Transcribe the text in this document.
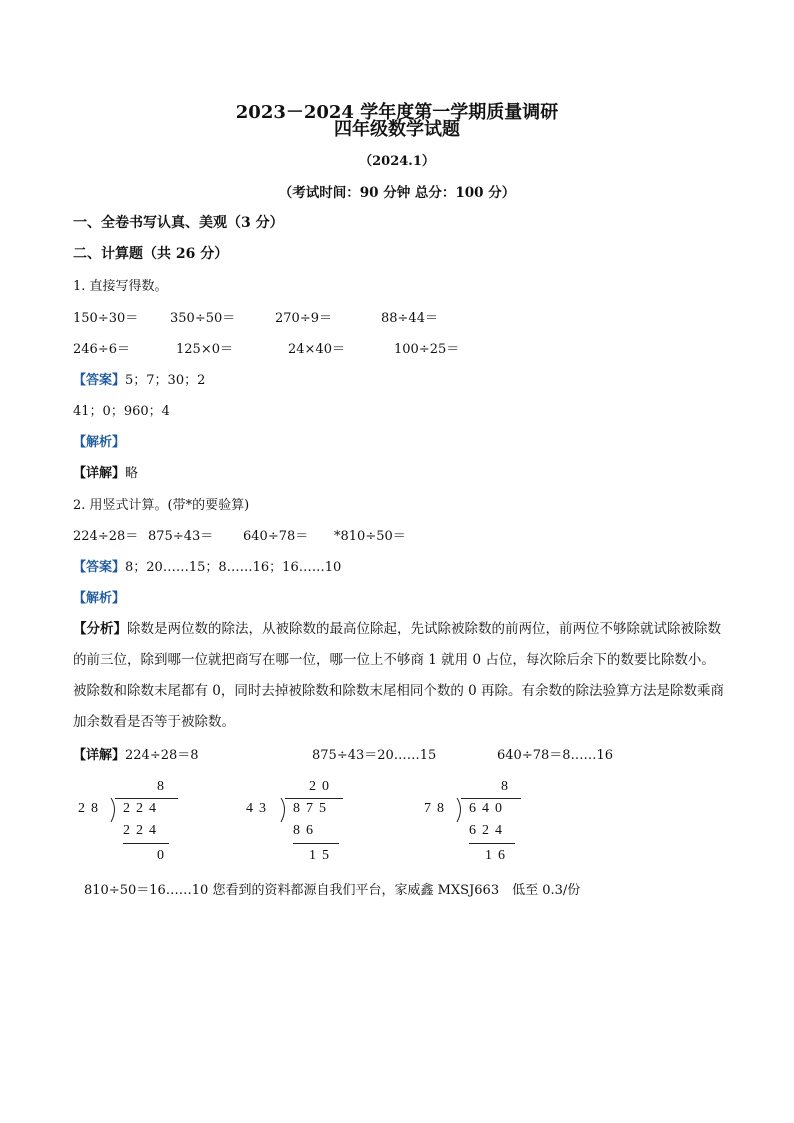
2023－2024 学年度第一学期质量调研
四年级数学试题
（2024.1）
（考试时间：90 分钟 总分：100 分）
一、全卷书写认真、美观（3 分）
二、计算题（共 26 分）
1. 直接写得数。
150÷30＝ 350÷50＝	270÷9＝	88÷44＝
246÷6＝	125×0＝	24×40＝	100÷25＝
【答案】5；7；30；2
41；0；960；4
【解析】
【详解】略
2. 用竖式计算。(带*的要验算)
224÷28＝ 875÷43＝ 640÷78＝ *810÷50＝
【答案】8；20……15；8……16；16……10
【解析】
【分析】除数是两位数的除法，从被除数的最高位除起，先试除被除数的前两位，前两位不够除就试除被除数的前三位，除到哪一位就把商写在哪一位，哪一位上不够商 1 就用 0 占位，每次除后余下的数要比除数小。被除数和除数末尾都有 0，同时去掉被除数和除数末尾相同个数的 0 再除。有余数的除法验算方法是除数乘商加余数看是否等于被除数。
【详解】224÷28＝8	875÷43＝20……15	640÷78＝8……16
8
28 224
224
0
20
43 875
86
15
8
78 640
624
16
810÷50＝16……10 您看到的资料都源自我们平台，家威鑫 MXSJ663　低至 0.3/份
